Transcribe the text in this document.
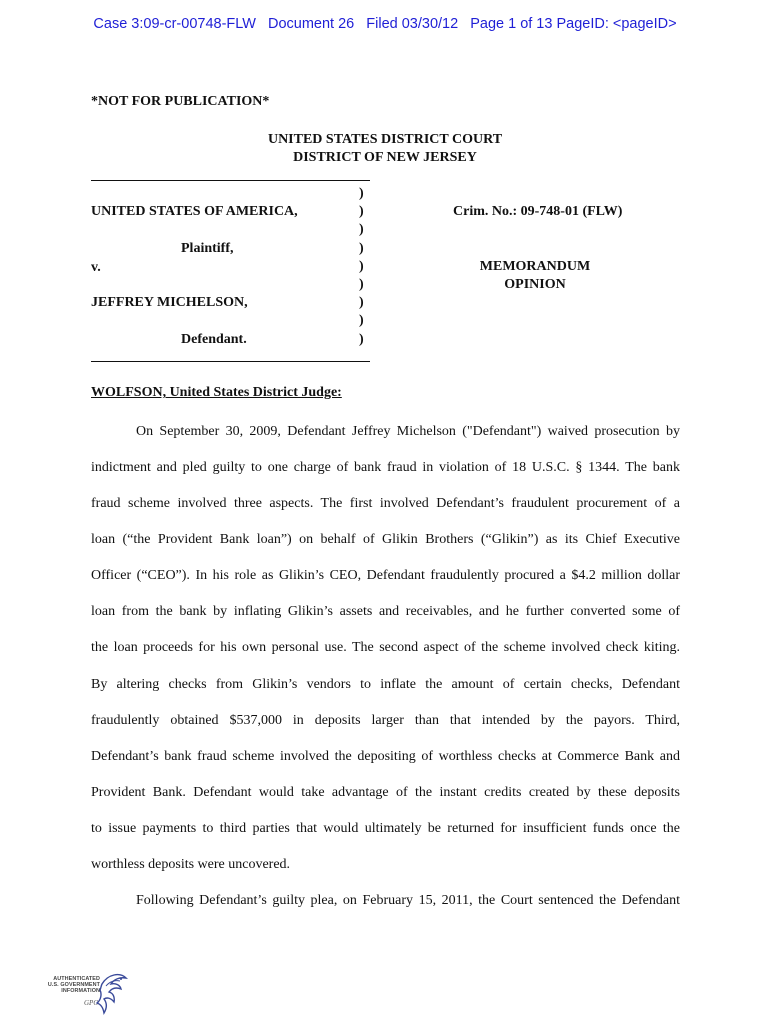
Case 3:09-cr-00748-FLW Document 26 Filed 03/30/12 Page 1 of 13 PageID: <pageID>
*NOT FOR PUBLICATION*
UNITED STATES DISTRICT COURT
DISTRICT OF NEW JERSEY
UNITED STATES OF AMERICA,
Plaintiff,
v.
JEFFREY MICHELSON,
Defendant.
)
)
)
)
)
)
)
)
)
Crim. No.: 09-748-01 (FLW)
MEMORANDUM
OPINION
WOLFSON, United States District Judge:
On September 30, 2009, Defendant Jeffrey Michelson ("Defendant") waived prosecution by
indictment and pled guilty to one charge of bank fraud in violation of 18 U.S.C. § 1344. The bank
fraud scheme involved three aspects. The first involved Defendant’s fraudulent procurement of a
loan (“the Provident Bank loan”) on behalf of Glikin Brothers (“Glikin”) as its Chief Executive
Officer (“CEO”). In his role as Glikin’s CEO, Defendant fraudulently procured a $4.2 million dollar
loan from the bank by inflating Glikin’s assets and receivables, and he further converted some of
the loan proceeds for his own personal use. The second aspect of the scheme involved check kiting.
By altering checks from Glikin’s vendors to inflate the amount of certain checks, Defendant
fraudulently obtained $537,000 in deposits larger than that intended by the payors. Third,
Defendant’s bank fraud scheme involved the depositing of worthless checks at Commerce Bank and
Provident Bank. Defendant would take advantage of the instant credits created by these deposits
to issue payments to third parties that would ultimately be returned for insufficient funds once the
worthless deposits were uncovered.
Following Defendant’s guilty plea, on February 15, 2011, the Court sentenced the Defendant
AUTHENTICATED
U.S. GOVERNMENT
INFORMATION
GPO
